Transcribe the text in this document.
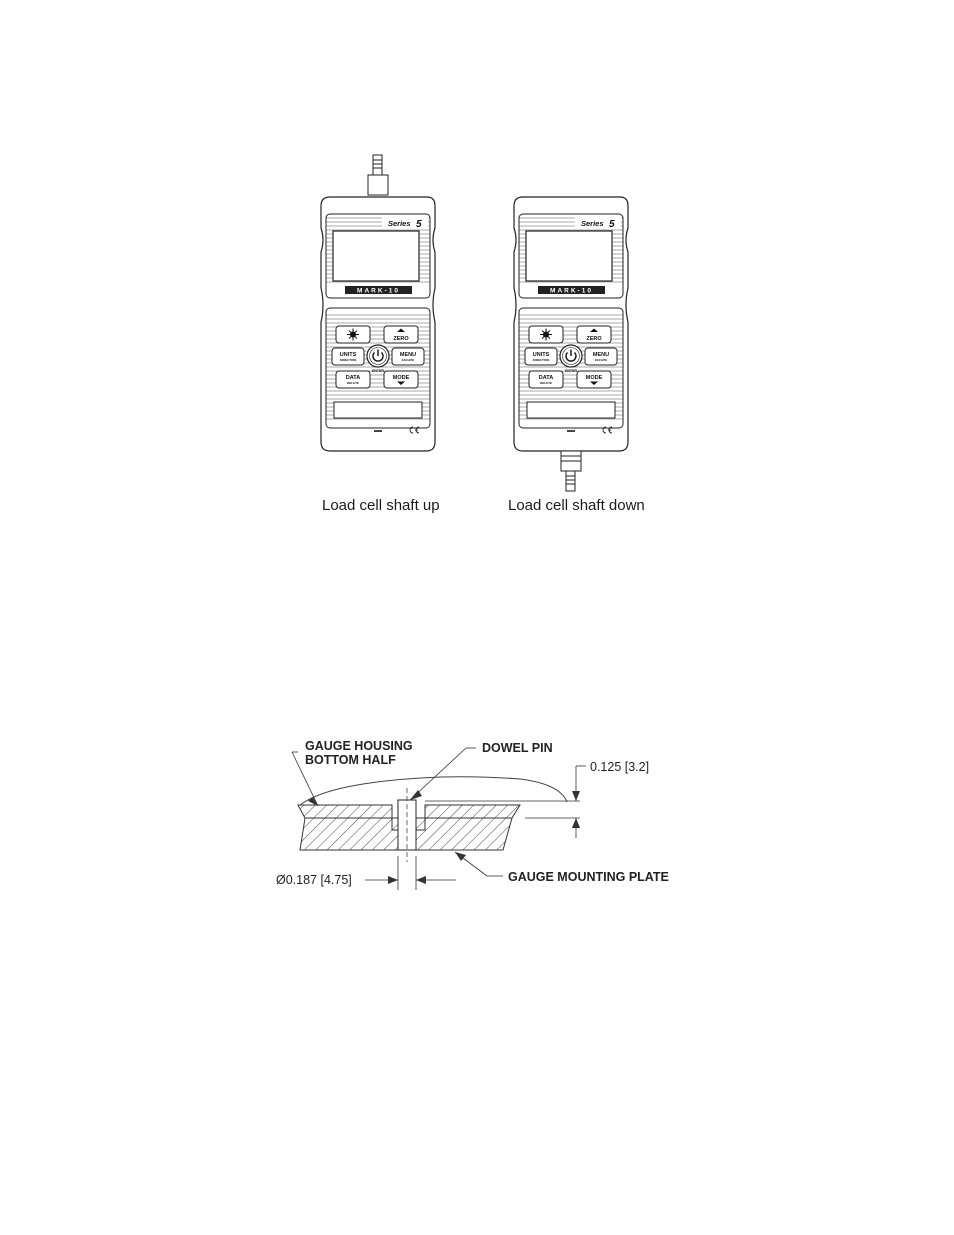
Series 5
MARK-10
ZERO
UNITS
DIRECTION
ENTER
MENU
ESCAPE
DATA
DELETE
MODE
Series 5
MARK-10
ZERO
UNITS
DIRECTION
ENTER
MENU
ESCAPE
DATA
DELETE
MODE
Load cell shaft up	Load cell shaft down
0.125 [3.2]
Ø0.187 [4.75]
GAUGE HOUSING
BOTTOM HALF
DOWEL PIN
GAUGE MOUNTING PLATE
